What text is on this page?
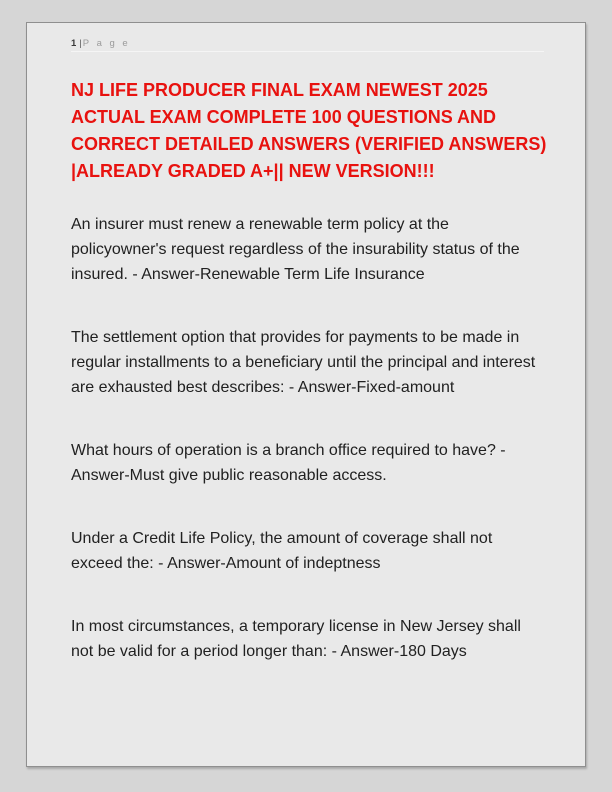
1 |P a g e
NJ LIFE PRODUCER FINAL EXAM NEWEST 2025 ACTUAL EXAM COMPLETE 100 QUESTIONS AND CORRECT DETAILED ANSWERS (VERIFIED ANSWERS) |ALREADY GRADED A+|| NEW VERSION!!!

An insurer must renew a renewable term policy at the policyowner's request regardless of the insurability status of the insured. - Answer-Renewable Term Life Insurance

The settlement option that provides for payments to be made in regular installments to a beneficiary until the principal and interest are exhausted best describes: - Answer-Fixed-amount

What hours of operation is a branch office required to have? - Answer-Must give public reasonable access.

Under a Credit Life Policy, the amount of coverage shall not exceed the: - Answer-Amount of indeptness

In most circumstances, a temporary license in New Jersey shall not be valid for a period longer than: - Answer-180 Days
